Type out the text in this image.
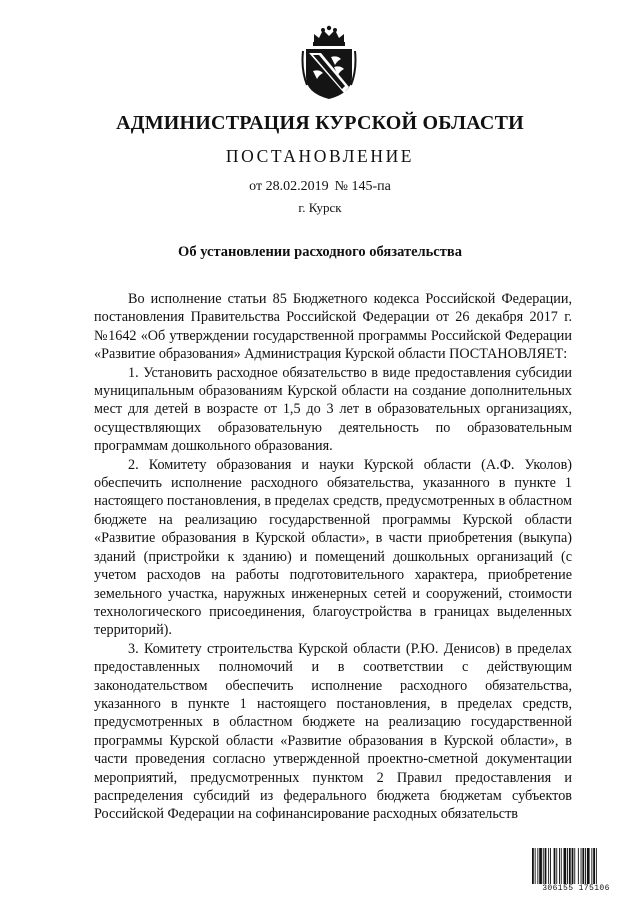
АДМИНИСТРАЦИЯ КУРСКОЙ ОБЛАСТИ
ПОСТАНОВЛЕНИЕ
от 28.02.2019 № 145-па
г. Курск
Об установлении расходного обязательства

Во исполнение статьи 85 Бюджетного кодекса Российской Федерации, постановления Правительства Российской Федерации от 26 декабря 2017 г. №1642 «Об утверждении государственной программы Российской Федерации «Развитие образования» Администрация Курской области ПОСТАНОВЛЯЕТ:

1. Установить расходное обязательство в виде предоставления субсидии муниципальным образованиям Курской области на создание дополнительных мест для детей в возрасте от 1,5 до 3 лет в образовательных организациях, осуществляющих образовательную деятельность по образовательным программам дошкольного образования.

2. Комитету образования и науки Курской области (А.Ф. Уколов) обеспечить исполнение расходного обязательства, указанного в пункте 1 настоящего постановления, в пределах средств, предусмотренных в областном бюджете на реализацию государственной программы Курской области «Развитие образования в Курской области», в части приобретения (выкупа) зданий (пристройки к зданию) и помещений дошкольных организаций (с учетом расходов на работы подготовительного характера, приобретение земельного участка, наружных инженерных сетей и сооружений, стоимости технологического присоединения, благоустройства в границах выделенных территорий).

3. Комитету строительства Курской области (Р.Ю. Денисов) в пределах предоставленных полномочий и в соответствии с действующим законодательством обеспечить исполнение расходного обязательства, указанного в пункте 1 настоящего постановления, в пределах средств, предусмотренных в областном бюджете на реализацию государственной программы Курской области «Развитие образования в Курской области», в части проведения согласно утвержденной проектно-сметной документации мероприятий, предусмотренных пунктом 2 Правил предоставления и распределения субсидий из федерального бюджета бюджетам субъектов Российской Федерации на софинансирование расходных обязательств

306155 175106
